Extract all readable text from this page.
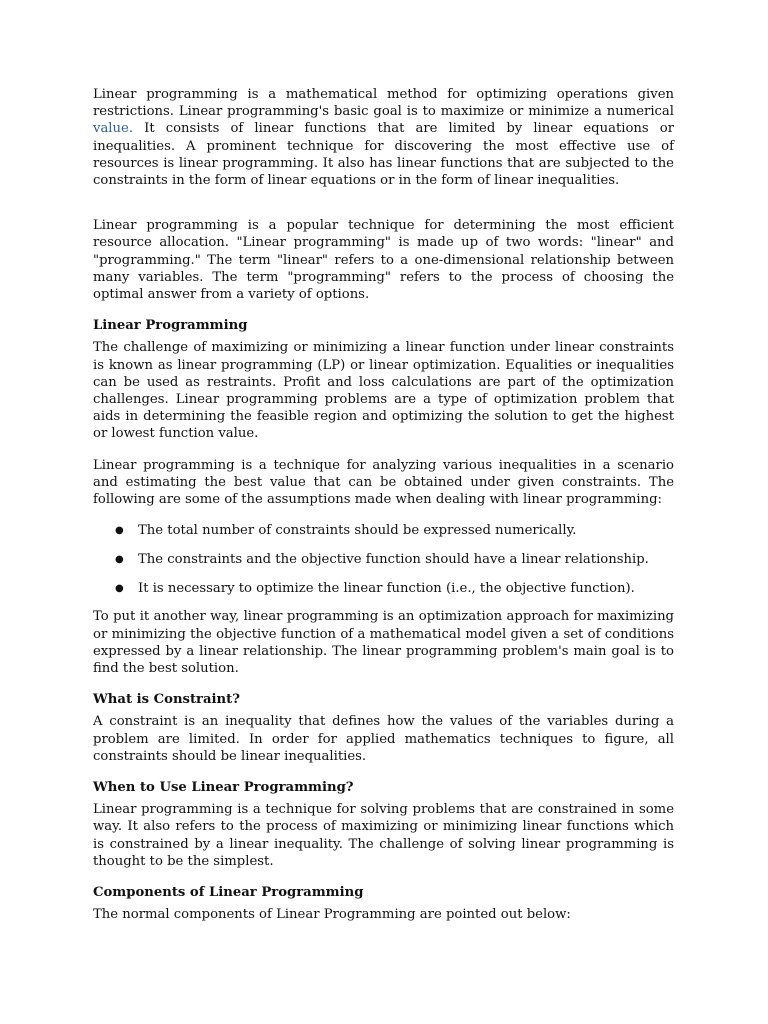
Linear programming is a mathematical method for optimizing operations given restrictions. Linear programming's basic goal is to maximize or minimize a numerical value. It consists of linear functions that are limited by linear equations or inequalities. A prominent technique for discovering the most effective use of resources is linear programming. It also has linear functions that are subjected to the constraints in the form of linear equations or in the form of linear inequalities.

Linear programming is a popular technique for determining the most efficient resource allocation. "Linear programming" is made up of two words: "linear" and "programming." The term "linear" refers to a one-dimensional relationship between many variables. The term "programming" refers to the process of choosing the optimal answer from a variety of options.

Linear Programming

The challenge of maximizing or minimizing a linear function under linear constraints is known as linear programming (LP) or linear optimization. Equalities or inequalities can be used as restraints. Profit and loss calculations are part of the optimization challenges. Linear programming problems are a type of optimization problem that aids in determining the feasible region and optimizing the solution to get the highest or lowest function value.

Linear programming is a technique for analyzing various inequalities in a scenario and estimating the best value that can be obtained under given constraints. The following are some of the assumptions made when dealing with linear programming:

● The total number of constraints should be expressed numerically.
● The constraints and the objective function should have a linear relationship.
● It is necessary to optimize the linear function (i.e., the objective function).

To put it another way, linear programming is an optimization approach for maximizing or minimizing the objective function of a mathematical model given a set of conditions expressed by a linear relationship. The linear programming problem's main goal is to find the best solution.

What is Constraint?

A constraint is an inequality that defines how the values of the variables during a problem are limited. In order for applied mathematics techniques to figure, all constraints should be linear inequalities.

When to Use Linear Programming?

Linear programming is a technique for solving problems that are constrained in some way. It also refers to the process of maximizing or minimizing linear functions which is constrained by a linear inequality. The challenge of solving linear programming is thought to be the simplest.

Components of Linear Programming

The normal components of Linear Programming are pointed out below:
